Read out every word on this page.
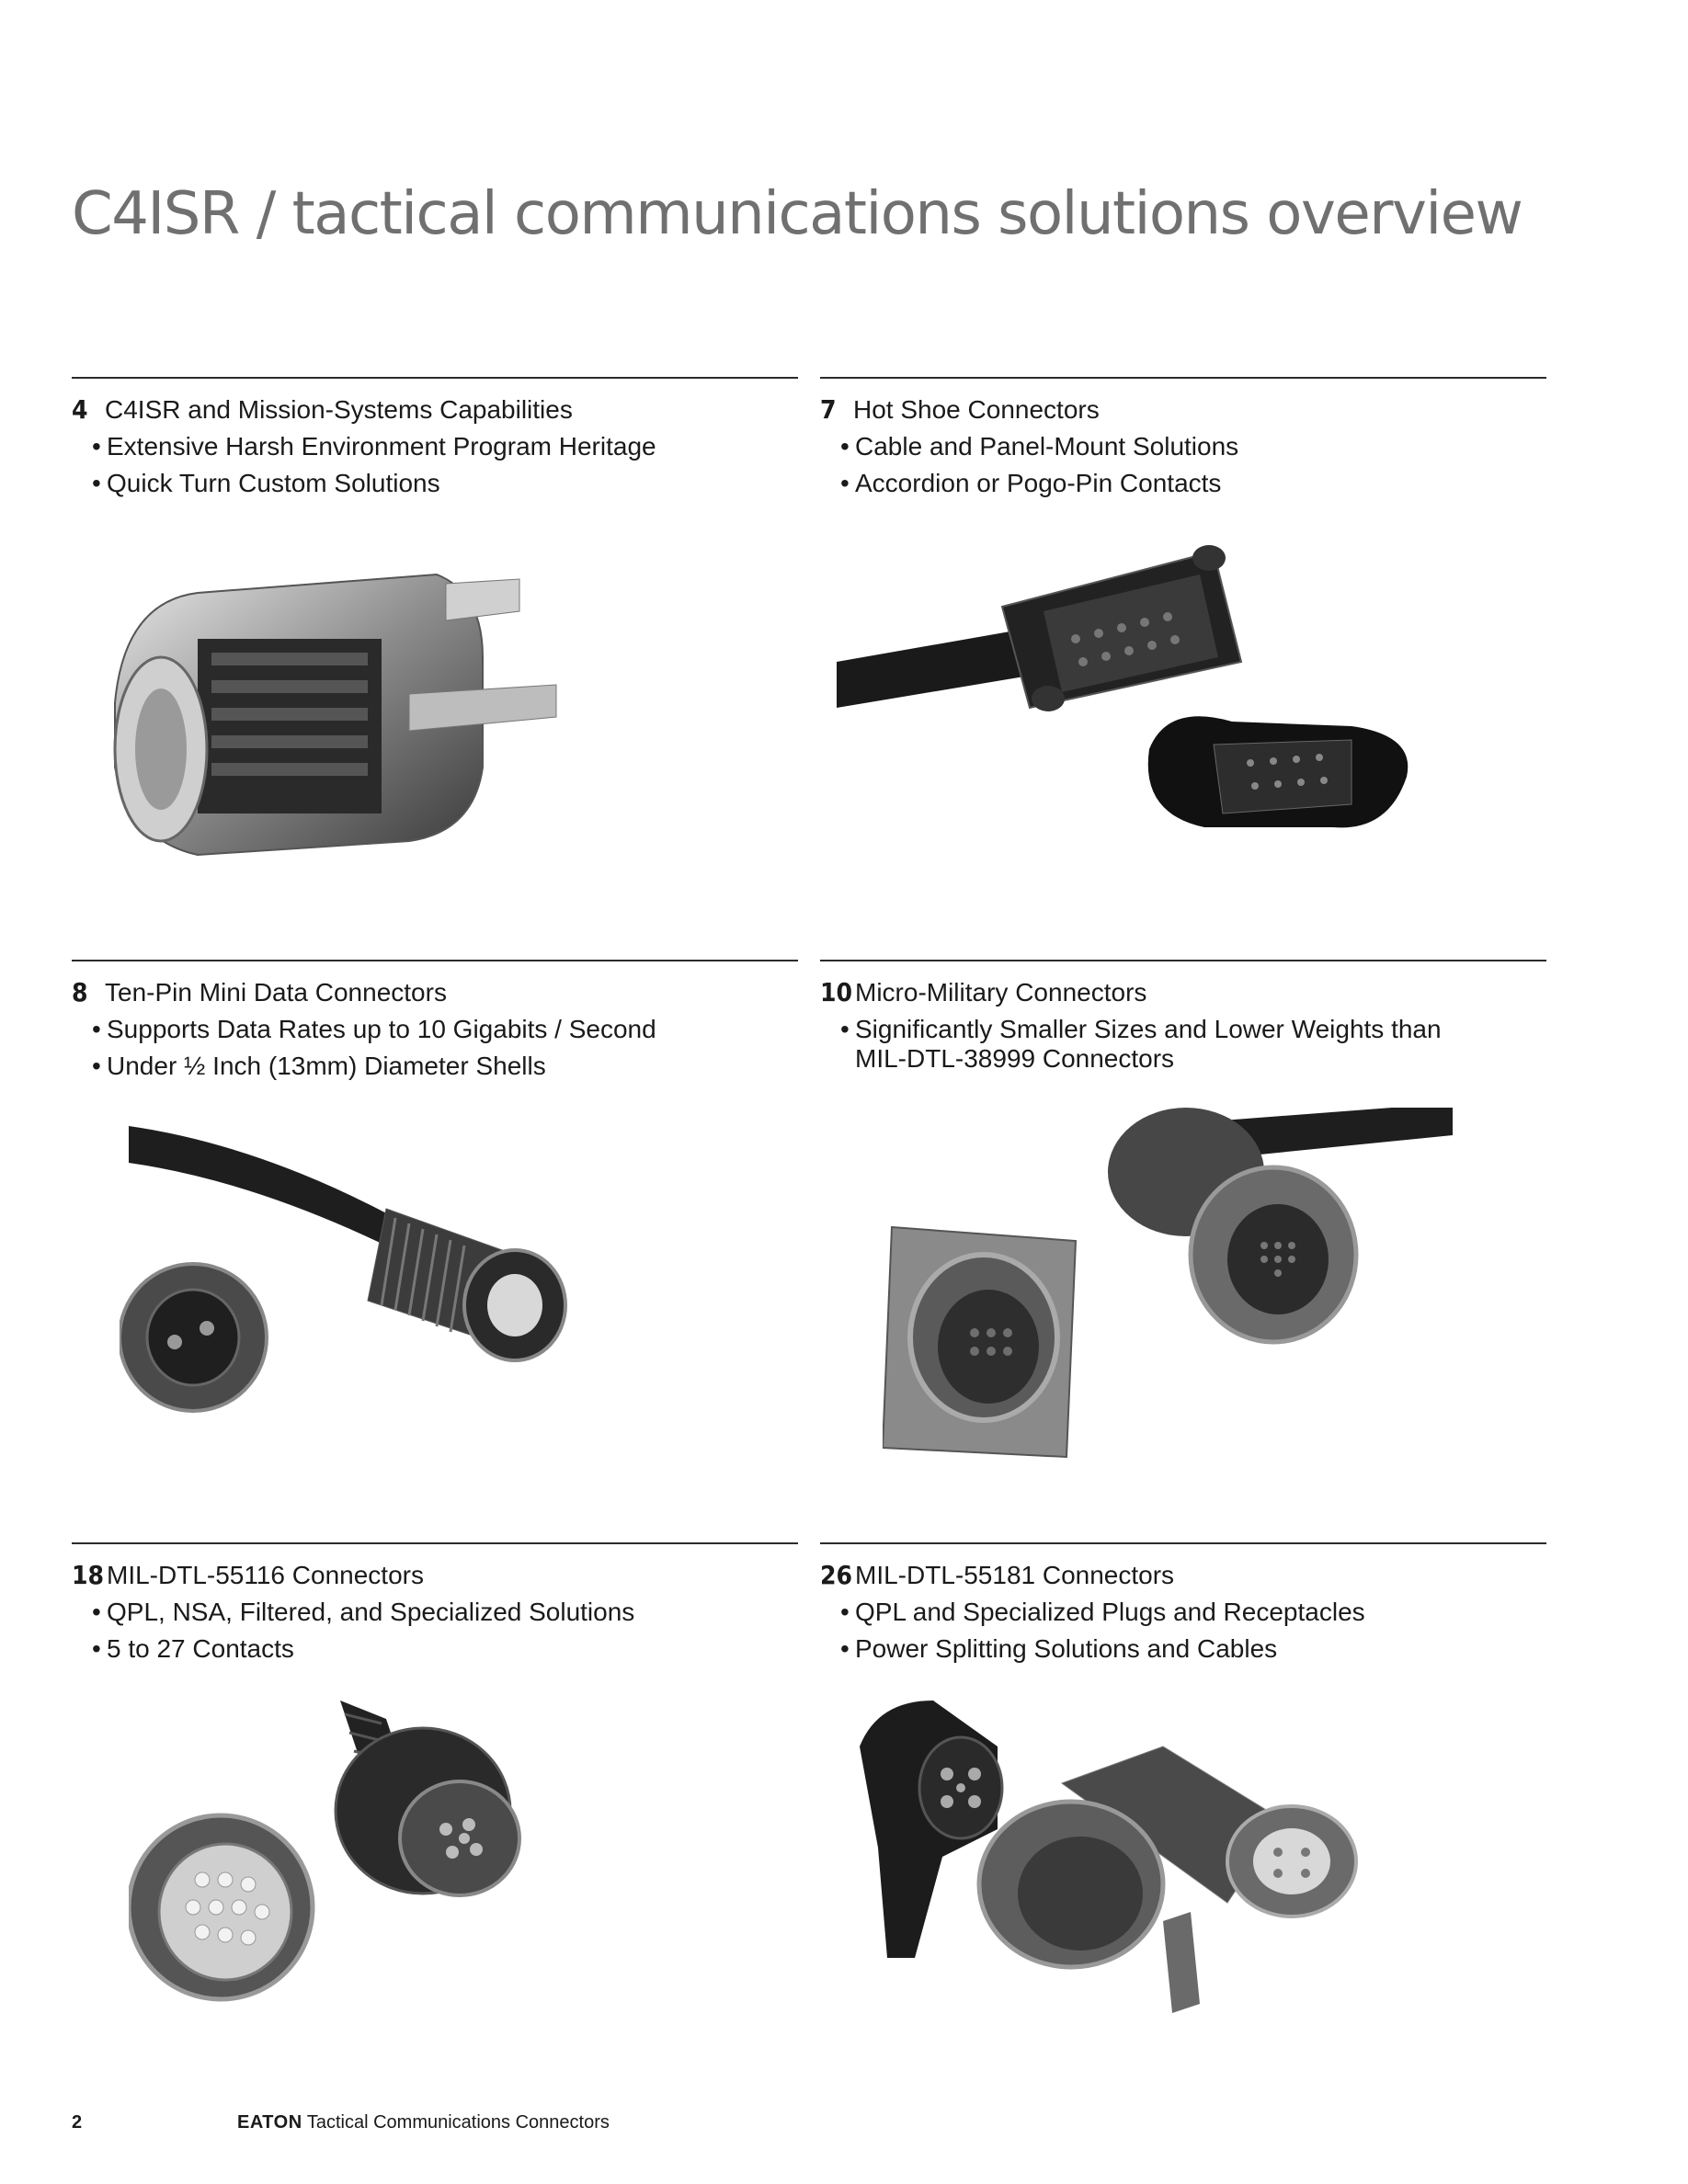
C4ISR / tactical communications solutions overview
4 C4ISR and Mission-Systems Capabilities
• Extensive Harsh Environment Program Heritage
• Quick Turn Custom Solutions
7 Hot Shoe Connectors
• Cable and Panel-Mount Solutions
• Accordion or Pogo-Pin Contacts
8 Ten-Pin Mini Data Connectors
• Supports Data Rates up to 10 Gigabits / Second
• Under ½ Inch (13mm) Diameter Shells
10 Micro-Military Connectors
• Significantly Smaller Sizes and Lower Weights than MIL-DTL-38999 Connectors
18 MIL-DTL-55116 Connectors
• QPL, NSA, Filtered, and Specialized Solutions
• 5 to 27 Contacts
26 MIL-DTL-55181 Connectors
• QPL and Specialized Plugs and Receptacles
• Power Splitting Solutions and Cables
2	EATON Tactical Communications Connectors
